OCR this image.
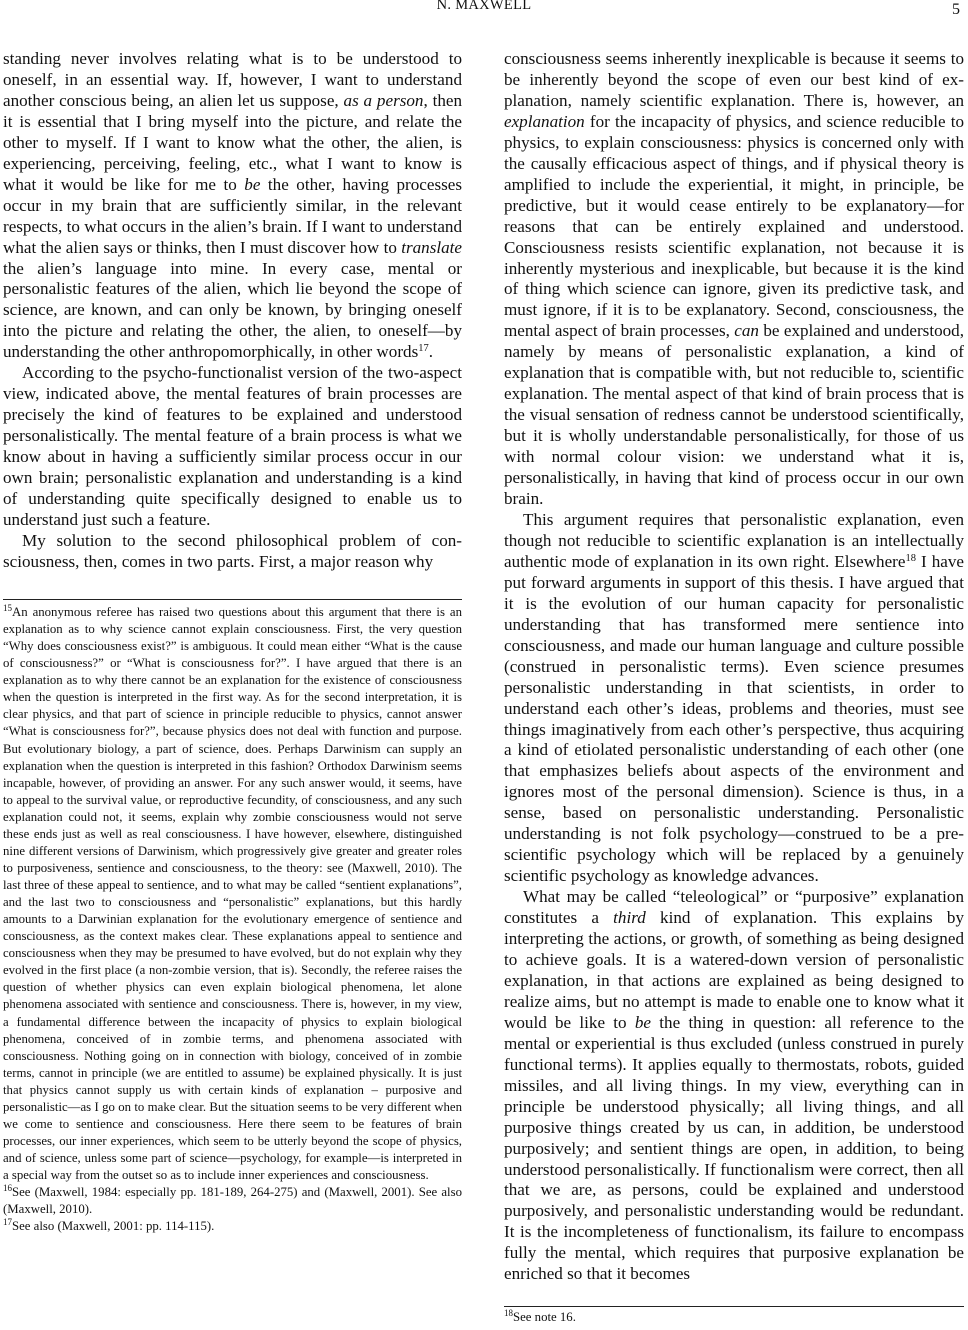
N. MAXWELL	5

standing never involves relating what is to be understood to oneself, in an essential way. If, however, I want to understand another conscious being, an alien let us suppose, as a person, then it is essential that I bring myself into the picture, and relate the other to myself. If I want to know what the other, the alien, is experiencing, perceiving, feeling, etc., what I want to know is what it would be like for me to be the other, having processes occur in my brain that are sufficiently similar, in the relevant respects, to what occurs in the alien’s brain. If I want to understand what the alien says or thinks, then I must discover how to translate the alien’s language into mine. In every case, mental or personalistic features of the alien, which lie beyond the scope of science, are known, and can only be known, by bringing oneself into the picture and relating the other, the alien, to oneself—by understanding the other anthropomorphically, in other words$^{17}$.

According to the psycho-functionalist version of the two-aspect view, indicated above, the mental features of brain processes are precisely the kind of features to be explained and understood personalistically. The mental feature of a brain process is what we know about in having a sufficiently similar process occur in our own brain; personalistic explanation and understanding is a kind of understanding quite specifically designed to enable us to understand just such a feature.

My solution to the second philosophical problem of consciousness, then, comes in two parts. First, a major reason why

$^{15}$An anonymous referee has raised two questions about this argument that there is an explanation as to why science cannot explain consciousness. First, the very question “Why does consciousness exist?” is ambiguous. It could mean either “What is the cause of consciousness?” or “What is consciousness for?”. I have argued that there is an explanation as to why there cannot be an explanation for the existence of consciousness when the question is interpreted in the first way. As for the second interpretation, it is clear physics, and that part of science in principle reducible to physics, cannot answer “What is consciousness for?”, because physics does not deal with function and purpose. But evolutionary biology, a part of science, does. Perhaps Darwinism can supply an explanation when the question is interpreted in this fashion? Orthodox Darwinism seems incapable, however, of providing an answer. For any such answer would, it seems, have to appeal to the survival value, or reproductive fecundity, of consciousness, and any such explanation could not, it seems, explain why zombie consciousness would not serve these ends just as well as real consciousness. I have however, elsewhere, distinguished nine different versions of Darwinism, which progressively give greater and greater roles to purposiveness, sentience and consciousness, to the theory: see (Maxwell, 2010). The last three of these appeal to sentience, and to what may be called “sentient explanations”, and the last two to consciousness and “personalistic” explanations, but this hardly amounts to a Darwinian explanation for the evolutionary emergence of sentience and consciousness, as the context makes clear. These explanations appeal to sentience and consciousness when they may be presumed to have evolved, but do not explain why they evolved in the first place (a non-zombie version, that is). Secondly, the referee raises the question of whether physics can even explain biological phenomena, let alone phenomena associated with sentience and consciousness. There is, however, in my view, a fundamental difference between the incapacity of physics to explain biological phenomena, conceived of in zombie terms, and phenomena associated with consciousness. Nothing going on in connection with biology, conceived of in zombie terms, cannot in principle (we are entitled to assume) be explained physically. It is just that physics cannot supply us with certain kinds of explanation – purposive and personalistic—as I go on to make clear. But the situation seems to be very different when we come to sentience and consciousness. Here there seem to be features of brain processes, our inner experiences, which seem to be utterly beyond the scope of physics, and of science, unless some part of science—psychology, for example—is interpreted in a special way from the outset so as to include inner experiences and consciousness.

$^{16}$See (Maxwell, 1984: especially pp. 181-189, 264-275) and (Maxwell, 2001). See also (Maxwell, 2010).

$^{17}$See also (Maxwell, 2001: pp. 114-115).

consciousness seems inherently inexplicable is because it seems to be inherently beyond the scope of even our best kind of explanation, namely scientific explanation. There is, however, an explanation for the incapacity of physics, and science reducible to physics, to explain consciousness: physics is concerned only with the causally efficacious aspect of things, and if physical theory is amplified to include the experiential, it might, in principle, be predictive, but it would cease entirely to be explanatory—for reasons that can be entirely explained and understood. Consciousness resists scientific explanation, not because it is inherently mysterious and inexplicable, but because it is the kind of thing which science can ignore, given its predictive task, and must ignore, if it is to be explanatory. Second, consciousness, the mental aspect of brain processes, can be explained and understood, namely by means of personalistic explanation, a kind of explanation that is compatible with, but not reducible to, scientific explanation. The mental aspect of that kind of brain process that is the visual sensation of redness cannot be understood scientifically, but it is wholly understandable personalistically, for those of us with normal colour vision: we understand what it is, personalistically, in having that kind of process occur in our own brain.

This argument requires that personalistic explanation, even though not reducible to scientific explanation is an intellectually authentic mode of explanation in its own right. Elsewhere$^{18}$ I have put forward arguments in support of this thesis. I have argued that it is the evolution of our human capacity for personalistic understanding that has transformed mere sentience into consciousness, and made our human language and culture possible (construed in personalistic terms). Even science presumes personalistic understanding in that scientists, in order to understand each other’s ideas, problems and theories, must see things imaginatively from each other’s perspective, thus acquiring a kind of etiolated personalistic understanding of each other (one that emphasizes beliefs about aspects of the environment and ignores most of the personal dimension). Science is thus, in a sense, based on personalistic understanding. Personalistic understanding is not folk psychology—construed to be a pre-scientific psychology which will be replaced by a genuinely scientific psychology as knowledge advances.

What may be called “teleological” or “purposive” explanation constitutes a third kind of explanation. This explains by interpreting the actions, or growth, of something as being designed to achieve goals. It is a watered-down version of personalistic explanation, in that actions are explained as being designed to realize aims, but no attempt is made to enable one to know what it would be like to be the thing in question: all reference to the mental or experiential is thus excluded (unless construed in purely functional terms). It applies equally to thermostats, robots, guided missiles, and all living things. In my view, everything can in principle be understood physically; all living things, and all purposive things created by us can, in addition, be understood purposively; and sentient things are open, in addition, to being understood personalistically. If functionalism were correct, then all that we are, as persons, could be explained and understood purposively, and personalistic understanding would be redundant. It is the incompleteness of functionalism, its failure to encompass fully the mental, which requires that purposive explanation be enriched so that it becomes

$^{18}$See note 16.
